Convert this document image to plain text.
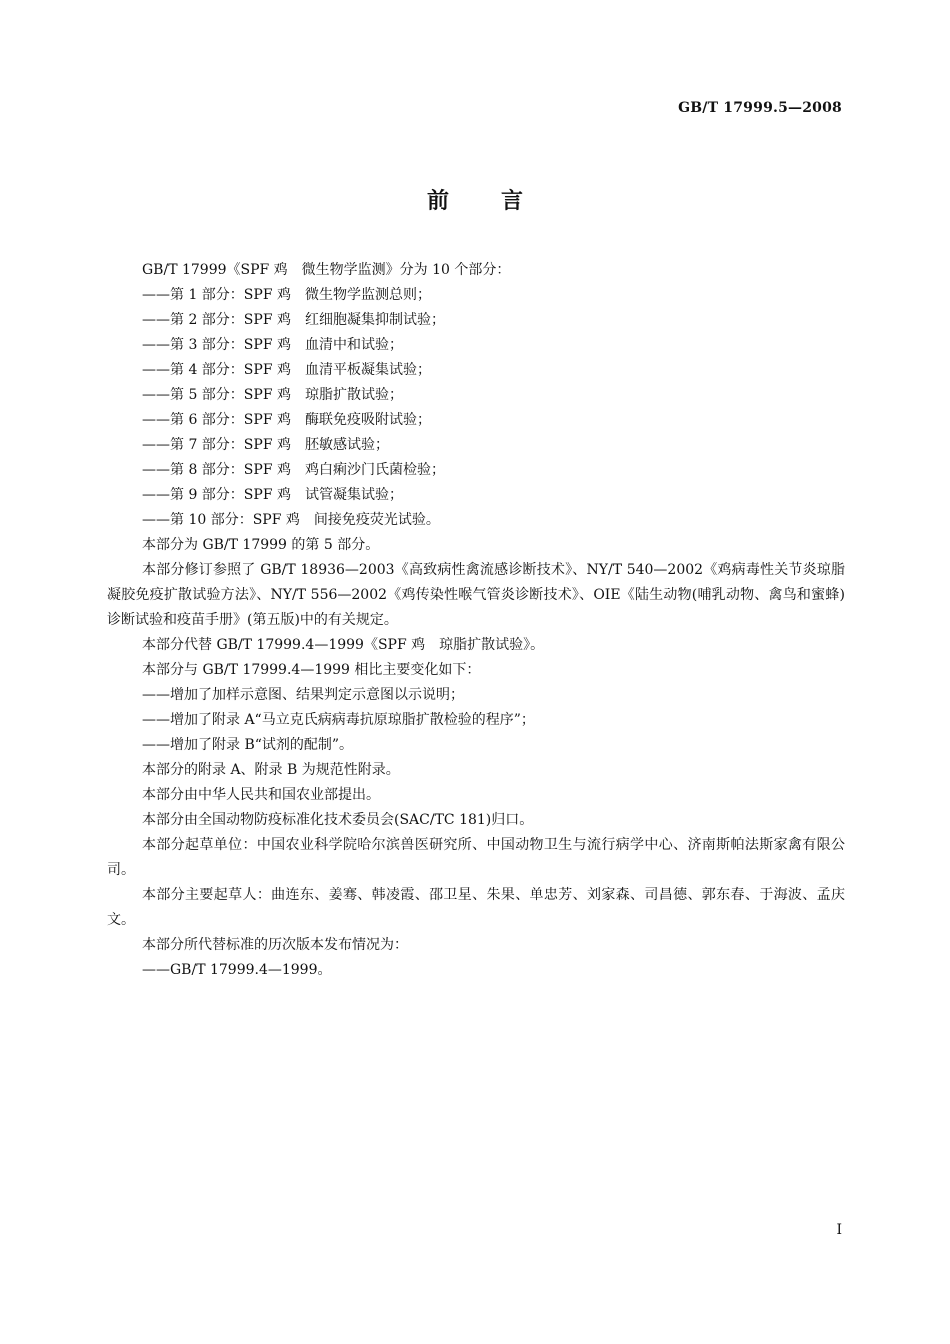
GB/T 17999.5—2008
前言

GB/T 17999《SPF 鸡　微生物学监测》分为 10 个部分：

——第 1 部分：SPF 鸡　微生物学监测总则；

——第 2 部分：SPF 鸡　红细胞凝集抑制试验；

——第 3 部分：SPF 鸡　血清中和试验；

——第 4 部分：SPF 鸡　血清平板凝集试验；

——第 5 部分：SPF 鸡　琼脂扩散试验；

——第 6 部分：SPF 鸡　酶联免疫吸附试验；

——第 7 部分：SPF 鸡　胚敏感试验；

——第 8 部分：SPF 鸡　鸡白痢沙门氏菌检验；

——第 9 部分：SPF 鸡　试管凝集试验；

——第 10 部分：SPF 鸡　间接免疫荧光试验。

本部分为 GB/T 17999 的第 5 部分。

本部分修订参照了 GB/T 18936—2003《高致病性禽流感诊断技术》、NY/T 540—2002《鸡病毒性关节炎琼脂凝胶免疫扩散试验方法》、NY/T 556—2002《鸡传染性喉气管炎诊断技术》、OIE《陆生动物(哺乳动物、禽鸟和蜜蜂)诊断试验和疫苗手册》(第五版)中的有关规定。

本部分代替 GB/T 17999.4—1999《SPF 鸡　琼脂扩散试验》。

本部分与 GB/T 17999.4—1999 相比主要变化如下：

——增加了加样示意图、结果判定示意图以示说明；

——增加了附录 A“马立克氏病病毒抗原琼脂扩散检验的程序”；

——增加了附录 B“试剂的配制”。

本部分的附录 A、附录 B 为规范性附录。

本部分由中华人民共和国农业部提出。

本部分由全国动物防疫标准化技术委员会(SAC/TC 181)归口。

本部分起草单位：中国农业科学院哈尔滨兽医研究所、中国动物卫生与流行病学中心、济南斯帕法斯家禽有限公司。

本部分主要起草人：曲连东、姜骞、韩凌霞、邵卫星、朱果、单忠芳、刘家森、司昌德、郭东春、于海波、孟庆文。

本部分所代替标准的历次版本发布情况为：

——GB/T 17999.4—1999。

I
